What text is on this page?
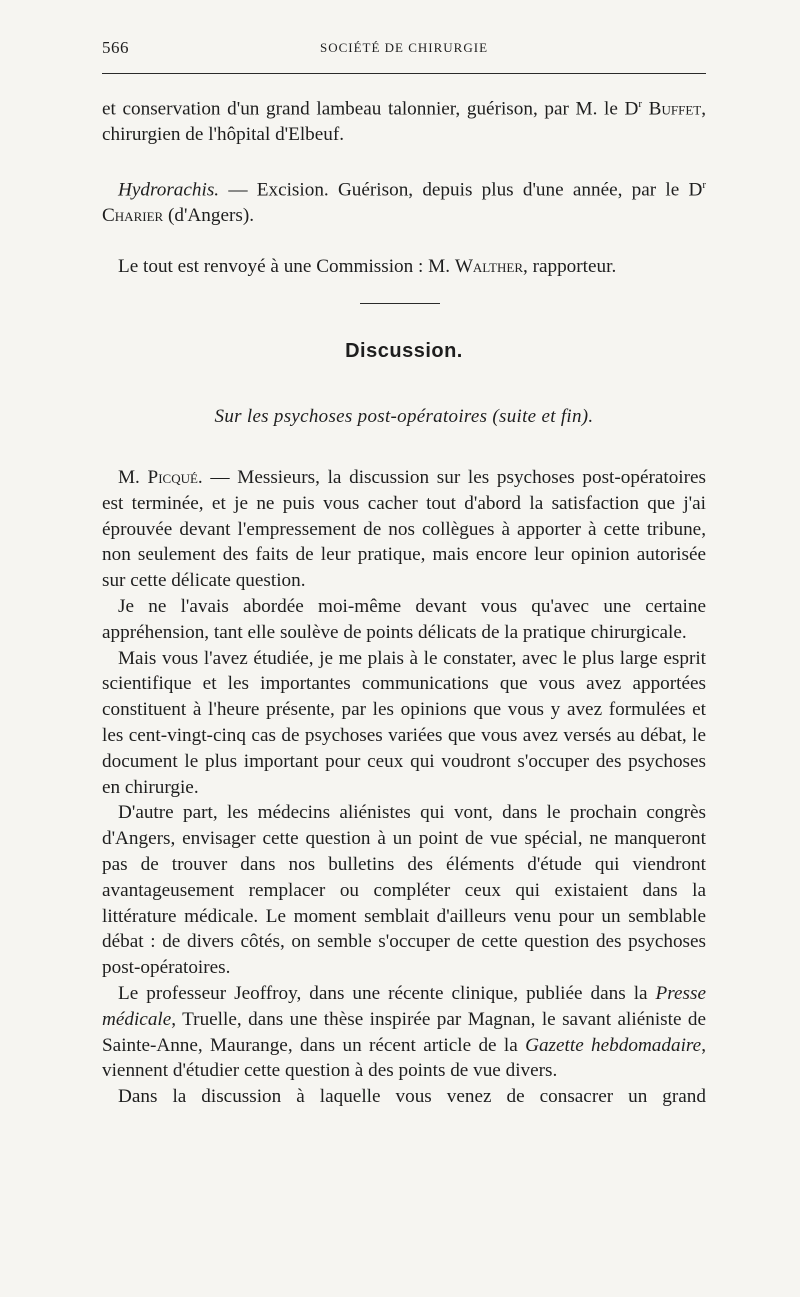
566	SOCIÉTÉ DE CHIRURGIE

et conservation d'un grand lambeau talonnier, guérison, par M. le $D^r$ Buffet, chirurgien de l'hôpital d'Elbeuf.

Hydrorachis. — Excision. Guérison, depuis plus d'une année, par le $D^r$ Charier (d'Angers).

Le tout est renvoyé à une Commission : M. Walther, rapporteur.

Discussion.
Sur les psychoses post-opératoires (suite et fin).

M. Picqué. — Messieurs, la discussion sur les psychoses post-opératoires est terminée, et je ne puis vous cacher tout d'abord la satisfaction que j'ai éprouvée devant l'empressement de nos collègues à apporter à cette tribune, non seulement des faits de leur pratique, mais encore leur opinion autorisée sur cette délicate question.

Je ne l'avais abordée moi-même devant vous qu'avec une certaine appréhension, tant elle soulève de points délicats de la pratique chirurgicale.

Mais vous l'avez étudiée, je me plais à le constater, avec le plus large esprit scientifique et les importantes communications que vous avez apportées constituent à l'heure présente, par les opinions que vous y avez formulées et les cent-vingt-cinq cas de psychoses variées que vous avez versés au débat, le document le plus important pour ceux qui voudront s'occuper des psychoses en chirurgie.

D'autre part, les médecins aliénistes qui vont, dans le prochain congrès d'Angers, envisager cette question à un point de vue spécial, ne manqueront pas de trouver dans nos bulletins des éléments d'étude qui viendront avantageusement remplacer ou compléter ceux qui existaient dans la littérature médicale. Le moment semblait d'ailleurs venu pour un semblable débat : de divers côtés, on semble s'occuper de cette question des psychoses post-opératoires.

Le professeur Jeoffroy, dans une récente clinique, publiée dans la Presse médicale, Truelle, dans une thèse inspirée par Magnan, le savant aliéniste de Sainte-Anne, Maurange, dans un récent article de la Gazette hebdomadaire, viennent d'étudier cette question à des points de vue divers.

Dans la discussion à laquelle vous venez de consacrer un grand
